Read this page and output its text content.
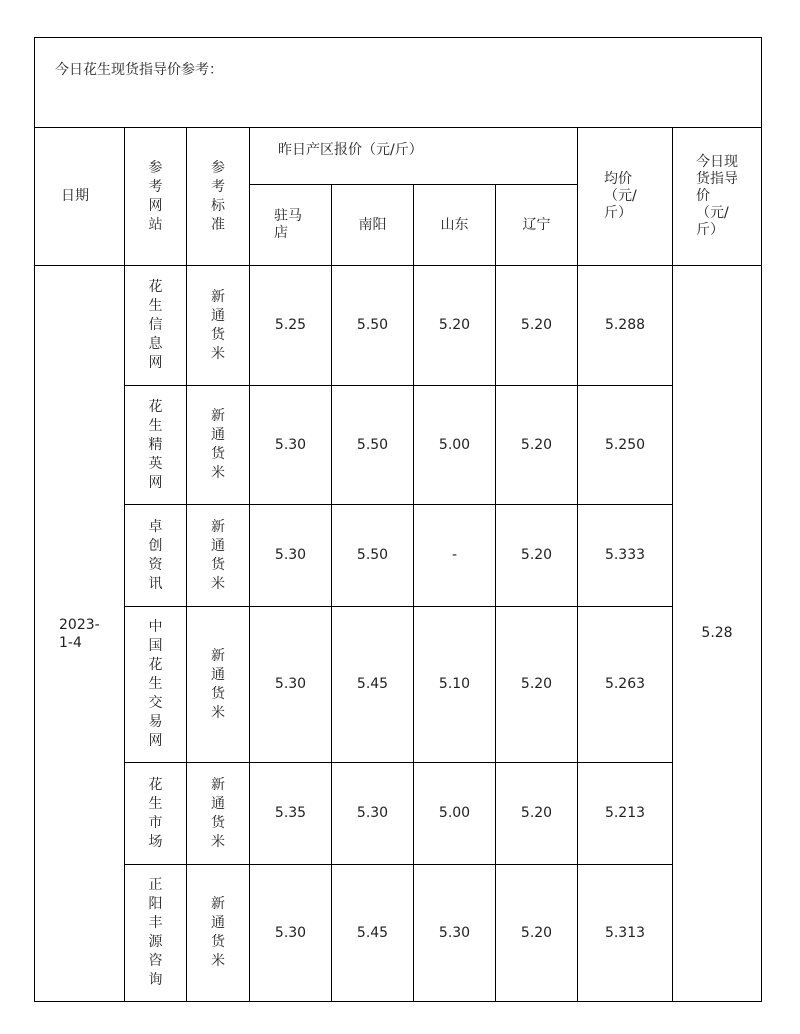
今日花生现货指导价参考：								
日期	参考网站	参考标准	昨日产区报价（元/斤）				均价（元/斤）	今日现货指导价（元/斤）

			驻马店	南阳	山东	辽宁		

2023-1-4	花生信息网	新通货米	5.25	5.50	5.20	5.20	5.288	5.28

	花生精英网	新通货米	5.30	5.50	5.00	5.20	5.250	

	卓创资讯	新通货米	5.30	5.50	-	5.20	5.333	

	中国花生交易网	新通货米	5.30	5.45	5.10	5.20	5.263	

	花生市场	新通货米	5.35	5.30	5.00	5.20	5.213	

	正阳丰源咨询	新通货米	5.30	5.45	5.30	5.20	5.313	
